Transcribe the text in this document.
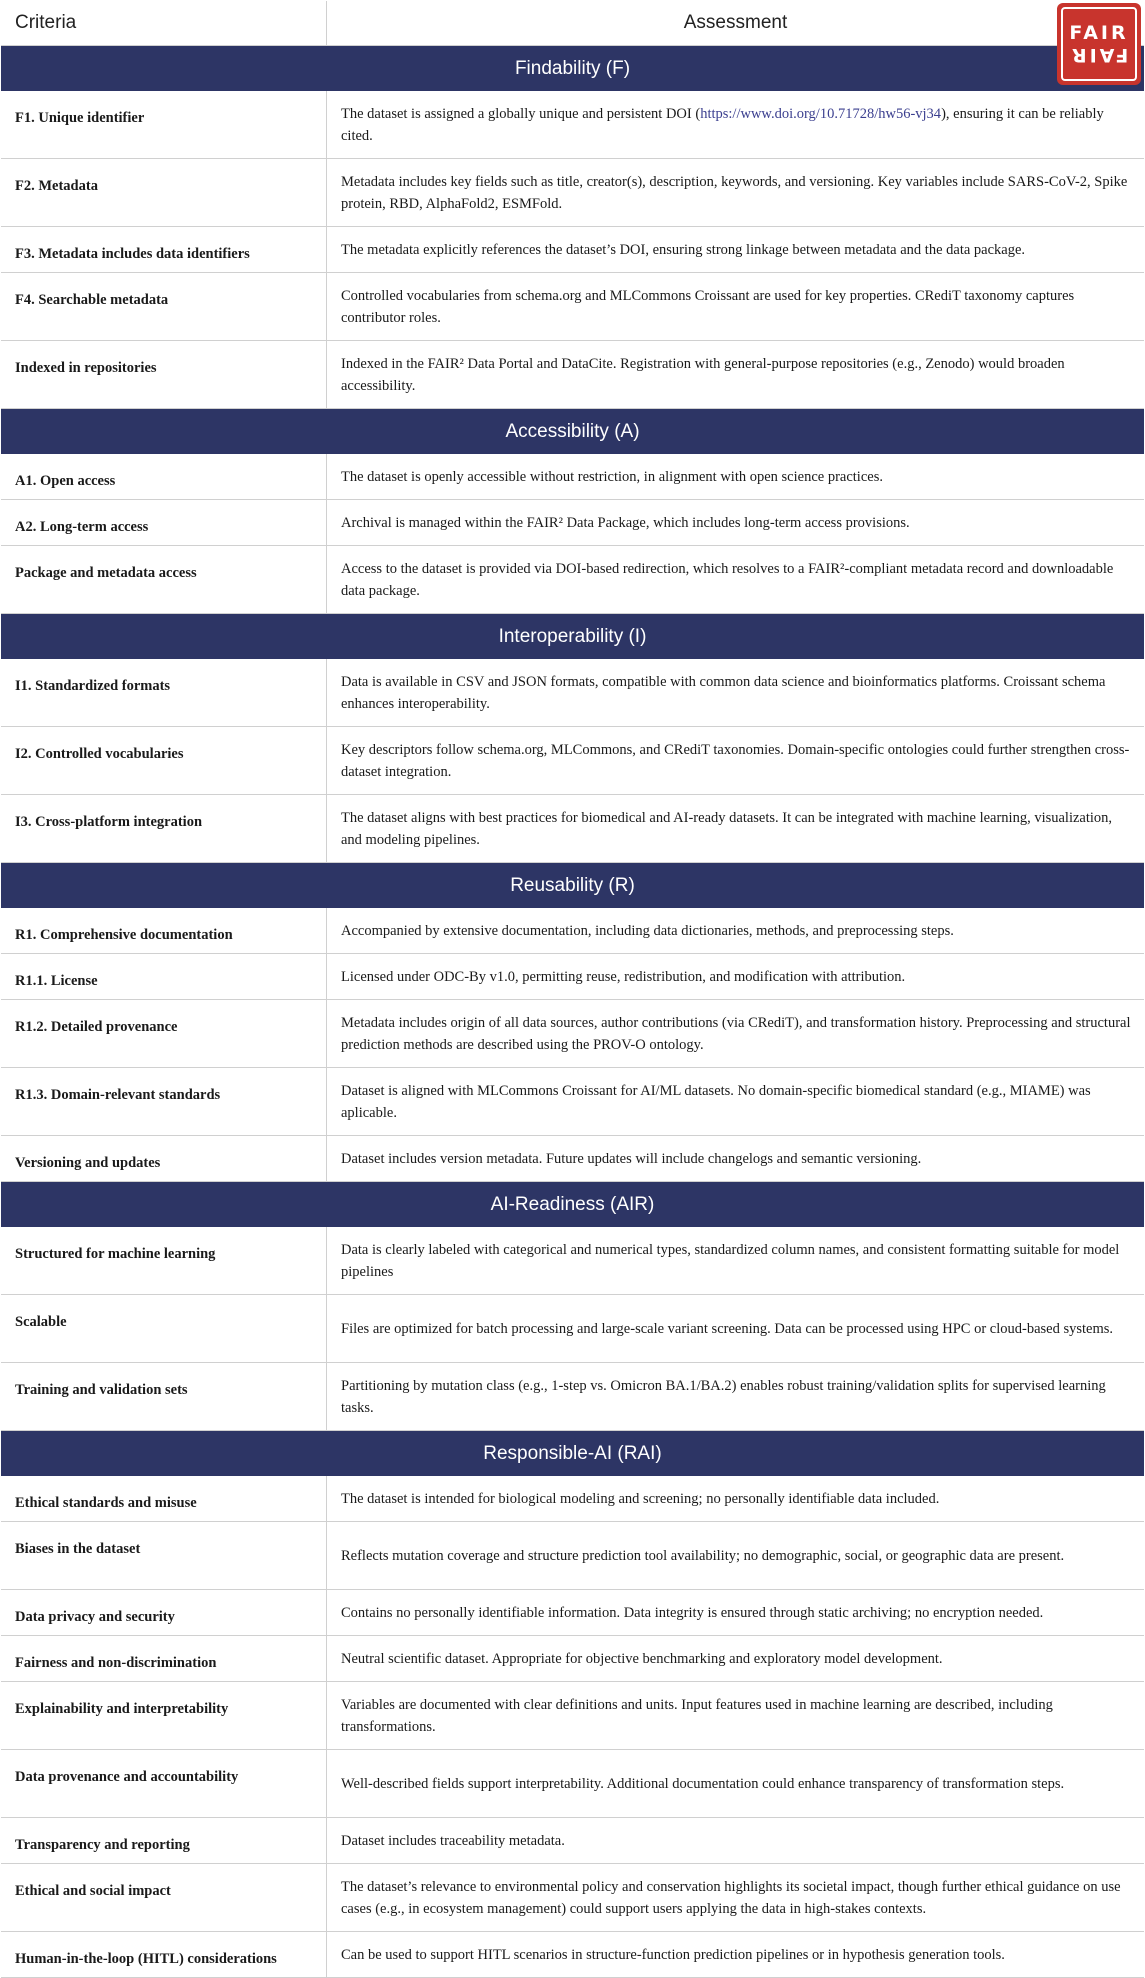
FAIR
FAIR
Criteria	Assessment
Findability (F)
F1. Unique identifier	The dataset is assigned a globally unique and persistent DOI (https://www.doi.org/10.71728/hw56-vj34), ensuring it can be reliably cited.
F2. Metadata	Metadata includes key fields such as title, creator(s), description, keywords, and versioning. Key variables include SARS-CoV-2, Spike protein, RBD, AlphaFold2, ESMFold.
F3. Metadata includes data identifiers	The metadata explicitly references the dataset’s DOI, ensuring strong linkage between metadata and the data package.
F4. Searchable metadata	Controlled vocabularies from schema.org and MLCommons Croissant are used for key properties. CRediT taxonomy captures contributor roles.
Indexed in repositories	Indexed in the FAIR² Data Portal and DataCite. Registration with general-purpose repositories (e.g., Zenodo) would broaden accessibility.
Accessibility (A)
A1. Open access	The dataset is openly accessible without restriction, in alignment with open science practices.
A2. Long-term access	Archival is managed within the FAIR² Data Package, which includes long-term access provisions.
Package and metadata access	Access to the dataset is provided via DOI-based redirection, which resolves to a FAIR²-compliant metadata record and downloadable data package.
Interoperability (I)
I1. Standardized formats	Data is available in CSV and JSON formats, compatible with common data science and bioinformatics platforms. Croissant schema enhances interoperability.
I2. Controlled vocabularies	Key descriptors follow schema.org, MLCommons, and CRediT taxonomies. Domain-specific ontologies could further strengthen cross-dataset integration.
I3. Cross-platform integration	The dataset aligns with best practices for biomedical and AI-ready datasets. It can be integrated with machine learning, visualization, and modeling pipelines.
Reusability (R)
R1. Comprehensive documentation	Accompanied by extensive documentation, including data dictionaries, methods, and preprocessing steps.
R1.1. License	Licensed under ODC-By v1.0, permitting reuse, redistribution, and modification with attribution.
R1.2. Detailed provenance	Metadata includes origin of all data sources, author contributions (via CRediT), and transformation history. Preprocessing and structural prediction methods are described using the PROV-O ontology.
R1.3. Domain-relevant standards	Dataset is aligned with MLCommons Croissant for AI/ML datasets. No domain-specific biomedical standard (e.g., MIAME) was aplicable.
Versioning and updates	Dataset includes version metadata. Future updates will include changelogs and semantic versioning.
AI-Readiness (AIR)
Structured for machine learning	Data is clearly labeled with categorical and numerical types, standardized column names, and consistent formatting suitable for model pipelines
Scalable	Files are optimized for batch processing and large-scale variant screening. Data can be processed using HPC or cloud-based systems.
Training and validation sets	Partitioning by mutation class (e.g., 1-step vs. Omicron BA.1/BA.2) enables robust training/validation splits for supervised learning tasks.
Responsible-AI (RAI)
Ethical standards and misuse	The dataset is intended for biological modeling and screening; no personally identifiable data included.
Biases in the dataset	Reflects mutation coverage and structure prediction tool availability; no demographic, social, or geographic data are present.
Data privacy and security	Contains no personally identifiable information. Data integrity is ensured through static archiving; no encryption needed.
Fairness and non-discrimination	Neutral scientific dataset. Appropriate for objective benchmarking and exploratory model development.
Explainability and interpretability	Variables are documented with clear definitions and units. Input features used in machine learning are described, including transformations.
Data provenance and accountability	Well-described fields support interpretability. Additional documentation could enhance transparency of transformation steps.
Transparency and reporting	Dataset includes traceability metadata.
Ethical and social impact	The dataset’s relevance to environmental policy and conservation highlights its societal impact, though further ethical guidance on use cases (e.g., in ecosystem management) could support users applying the data in high-stakes contexts.
Human-in-the-loop (HITL) considerations	Can be used to support HITL scenarios in structure-function prediction pipelines or in hypothesis generation tools.
